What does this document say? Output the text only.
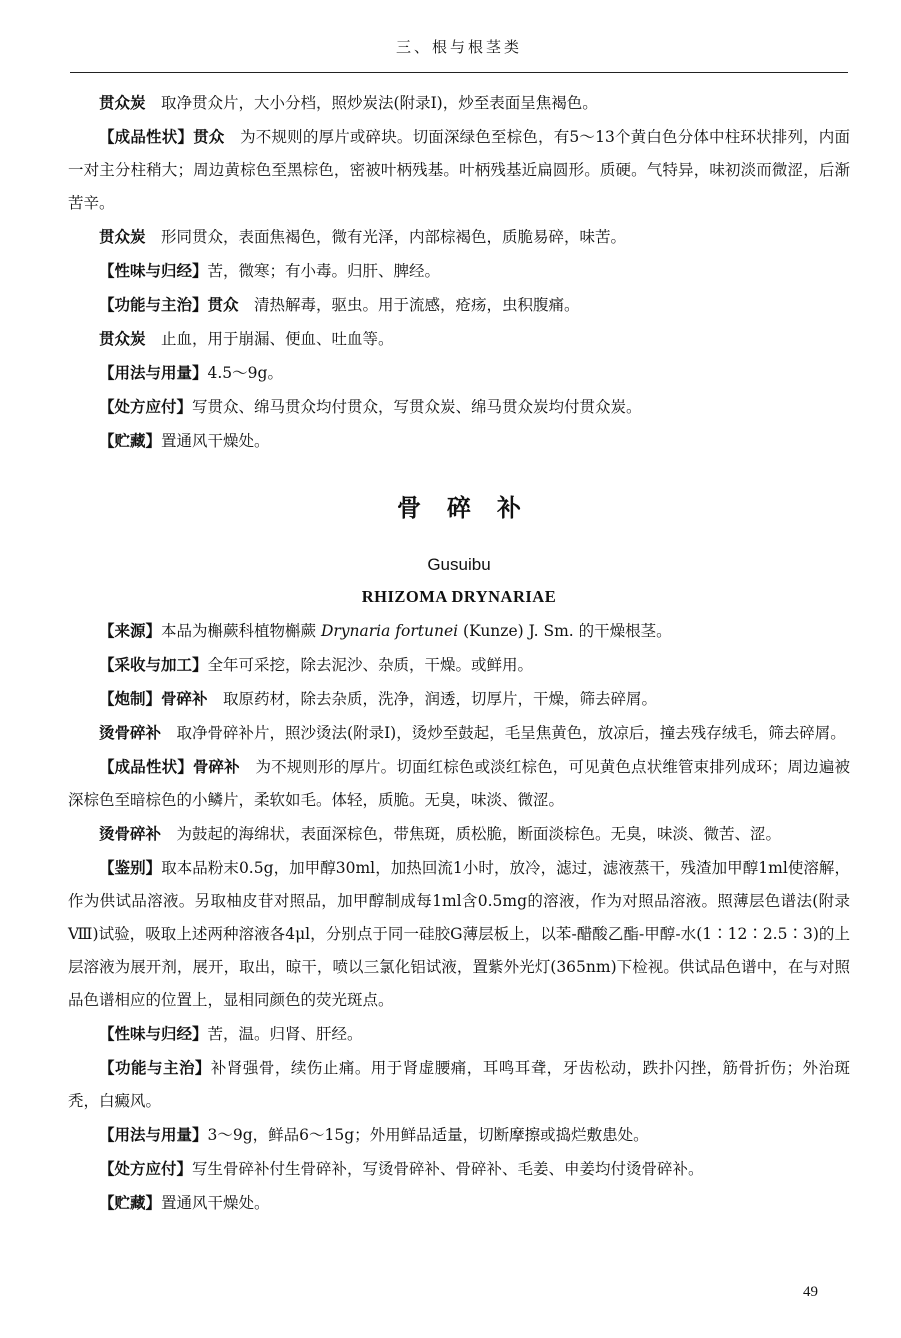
三、根与根茎类

贯众炭　取净贯众片，大小分档，照炒炭法(附录Ⅰ)，炒至表面呈焦褐色。

【成品性状】贯众　为不规则的厚片或碎块。切面深绿色至棕色，有5～13个黄白色分体中柱环状排列，内面一对主分柱稍大；周边黄棕色至黑棕色，密被叶柄残基。叶柄残基近扁圆形。质硬。气特异，味初淡而微涩，后渐苦辛。

贯众炭　形同贯众，表面焦褐色，微有光泽，内部棕褐色，质脆易碎，味苦。

【性味与归经】苦，微寒；有小毒。归肝、脾经。

【功能与主治】贯众　清热解毒，驱虫。用于流感，疮疡，虫积腹痛。

贯众炭　止血，用于崩漏、便血、吐血等。

【用法与用量】4.5～9g。

【处方应付】写贯众、绵马贯众均付贯众，写贯众炭、绵马贯众炭均付贯众炭。

【贮藏】置通风干燥处。

骨碎补

Gusuibu

RHIZOMA DRYNARIAE

【来源】本品为槲蕨科植物槲蕨 Drynaria fortunei (Kunze) J. Sm. 的干燥根茎。

【采收与加工】全年可采挖，除去泥沙、杂质，干燥。或鲜用。

【炮制】骨碎补　取原药材，除去杂质，洗净，润透，切厚片，干燥，筛去碎屑。

烫骨碎补　取净骨碎补片，照沙烫法(附录Ⅰ)，烫炒至鼓起，毛呈焦黄色，放凉后，撞去残存绒毛，筛去碎屑。

【成品性状】骨碎补　为不规则形的厚片。切面红棕色或淡红棕色，可见黄色点状维管束排列成环；周边遍被深棕色至暗棕色的小鳞片，柔软如毛。体轻，质脆。无臭，味淡、微涩。

烫骨碎补　为鼓起的海绵状，表面深棕色，带焦斑，质松脆，断面淡棕色。无臭，味淡、微苦、涩。

【鉴别】取本品粉末0.5g，加甲醇30ml，加热回流1小时，放冷，滤过，滤液蒸干，残渣加甲醇1ml使溶解，作为供试品溶液。另取柚皮苷对照品，加甲醇制成每1ml含0.5mg的溶液，作为对照品溶液。照薄层色谱法(附录Ⅷ)试验，吸取上述两种溶液各4μl，分别点于同一硅胶G薄层板上，以苯-醋酸乙酯-甲醇-水(1∶12∶2.5∶3)的上层溶液为展开剂，展开，取出，晾干，喷以三氯化铝试液，置紫外光灯(365nm)下检视。供试品色谱中，在与对照品色谱相应的位置上，显相同颜色的荧光斑点。

【性味与归经】苦，温。归肾、肝经。

【功能与主治】补肾强骨，续伤止痛。用于肾虚腰痛，耳鸣耳聋，牙齿松动，跌扑闪挫，筋骨折伤；外治斑秃，白癜风。

【用法与用量】3～9g，鲜品6～15g；外用鲜品适量，切断摩擦或捣烂敷患处。

【处方应付】写生骨碎补付生骨碎补，写烫骨碎补、骨碎补、毛姜、申姜均付烫骨碎补。

【贮藏】置通风干燥处。

49
